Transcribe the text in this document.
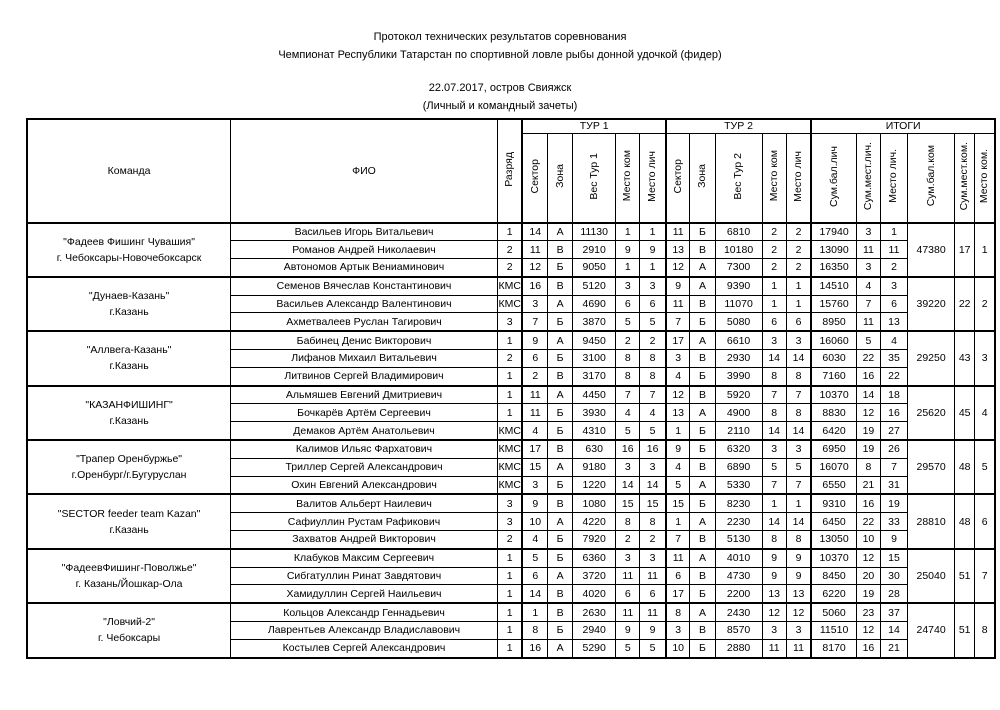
Протокол технических результатов соревнования
Чемпионат Республики Татарстан по спортивной ловле рыбы донной удочкой (фидер)
22.07.2017, остров Свияжск
(Личный и командный зачеты)
Команда	ФИО	Разряд	ТУР 1					ТУР 2					ИТОГИ					
			Сектор	Зона	Вес Тур 1	Место ком	Место лич	Сектор	Зона	Вес Тур 2	Место ком	Место лич	Сум.бал.лич	Сум.мест.лич.	Место лич.	Сум.бал.ком	Сум.мест.ком.	Место ком.

"Фадеев Фишинг Чувашия"
г. Чебоксары-Новочебоксарск	Васильев Игорь Витальевич	1	14	А	11130	1	1	11	Б	6810	2	2	17940	3	1	47380	17	1
	Романов Андрей Николаевич	2	11	В	2910	9	9	13	В	10180	2	2	13090	11	11			
	Автономов Артык Вениаминович	2	12	Б	9050	1	1	12	А	7300	2	2	16350	3	2			

"Дунаев-Казань"
г.Казань	Семенов Вячеслав Константинович	КМС	16	В	5120	3	3	9	А	9390	1	1	14510	4	3	39220	22	2
	Васильев Александр Валентинович	КМС	3	А	4690	6	6	11	В	11070	1	1	15760	7	6			
	Ахметвалеев Руслан Тагирович	3	7	Б	3870	5	5	7	Б	5080	6	6	8950	11	13			

"Аллвега-Казань"
г.Казань	Бабинец Денис Викторович	1	9	А	9450	2	2	17	А	6610	3	3	16060	5	4	29250	43	3
	Лифанов Михаил Витальевич	2	6	Б	3100	8	8	3	В	2930	14	14	6030	22	35			
	Литвинов Сергей Владимирович	1	2	В	3170	8	8	4	Б	3990	8	8	7160	16	22			

"КАЗАНФИШИНГ"
г.Казань	Альмяшев Евгений Дмитриевич	1	11	А	4450	7	7	12	В	5920	7	7	10370	14	18	25620	45	4
	Бочкарёв Артём Сергеевич	1	11	Б	3930	4	4	13	А	4900	8	8	8830	12	16			
	Демаков Артём Анатольевич	КМС	4	Б	4310	5	5	1	Б	2110	14	14	6420	19	27			

"Трапер Оренбуржье"
г.Оренбург/г.Бугуруслан	Калимов Ильяс Фархатович	КМС	17	В	630	16	16	9	Б	6320	3	3	6950	19	26	29570	48	5
	Триллер Сергей Александрович	КМС	15	А	9180	3	3	4	В	6890	5	5	16070	8	7			
	Охин Евгений Александрович	КМС	3	Б	1220	14	14	5	А	5330	7	7	6550	21	31			

"SECTOR feeder team Kazan"
г.Казань	Валитов Альберт Наилевич	3	9	В	1080	15	15	15	Б	8230	1	1	9310	16	19	28810	48	6
	Сафиуллин Рустам Рафикович	3	10	А	4220	8	8	1	А	2230	14	14	6450	22	33			
	Захватов Андрей Викторович	2	4	Б	7920	2	2	7	В	5130	8	8	13050	10	9			

"ФадеевФишинг-Поволжье"
г. Казань/Йошкар-Ола	Клабуков Максим Сергеевич	1	5	Б	6360	3	3	11	А	4010	9	9	10370	12	15	25040	51	7
	Сибгатуллин Ринат Завдятович	1	6	А	3720	11	11	6	В	4730	9	9	8450	20	30			
	Хамидуллин Сергей Наильевич	1	14	В	4020	6	6	17	Б	2200	13	13	6220	19	28			

"Ловчий-2"
г. Чебоксары	Кольцов Александр Геннадьевич	1	1	В	2630	11	11	8	А	2430	12	12	5060	23	37	24740	51	8
	Лаврентьев Александр Владиславович	1	8	Б	2940	9	9	3	В	8570	3	3	11510	12	14			
	Костылев Сергей Александрович	1	16	А	5290	5	5	10	Б	2880	11	11	8170	16	21			
